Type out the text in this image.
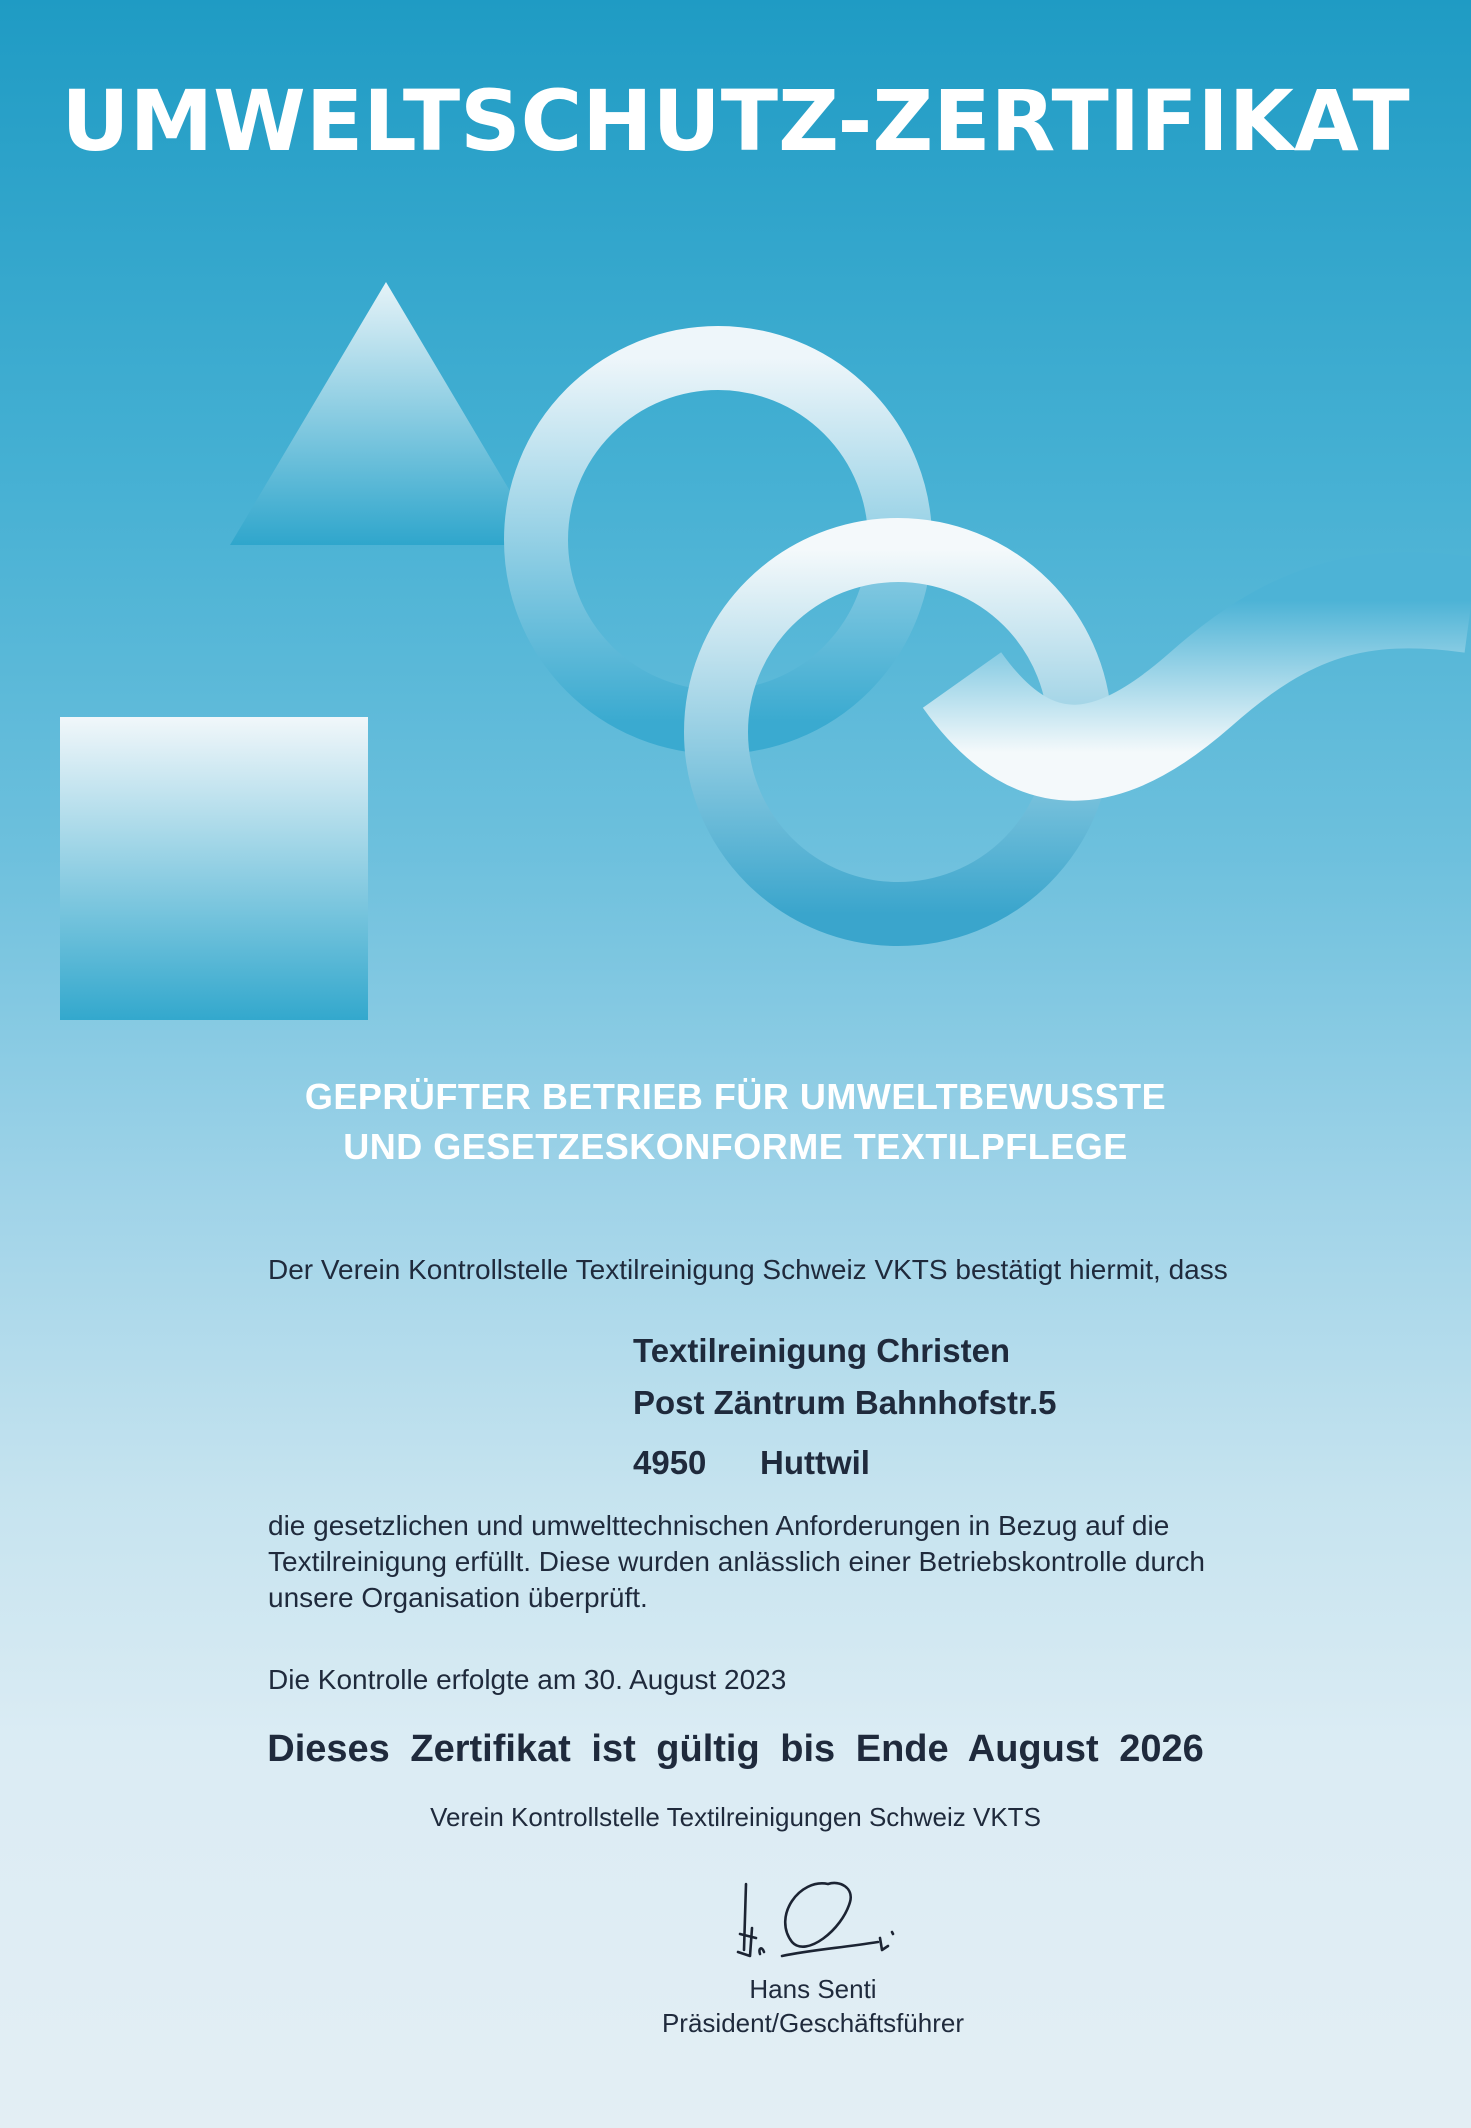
UMWELTSCHUTZ-ZERTIFIKAT
GEPRÜFTER BETRIEB FÜR UMWELTBEWUSSTE
UND GESETZESKONFORME TEXTILPFLEGE
Der Verein Kontrollstelle Textilreinigung Schweiz VKTS bestätigt hiermit, dass
Textilreinigung Christen
Post Zäntrum Bahnhofstr.5
4950 Huttwil
die gesetzlichen und umwelttechnischen Anforderungen in Bezug auf die
Textilreinigung erfüllt. Diese wurden anlässlich einer Betriebskontrolle durch
unsere Organisation überprüft.
Die Kontrolle erfolgte am 30. August 2023
Dieses Zertifikat ist gültig bis Ende August 2026
Verein Kontrollstelle Textilreinigungen Schweiz VKTS
Hans Senti
Präsident/Geschäftsführer
